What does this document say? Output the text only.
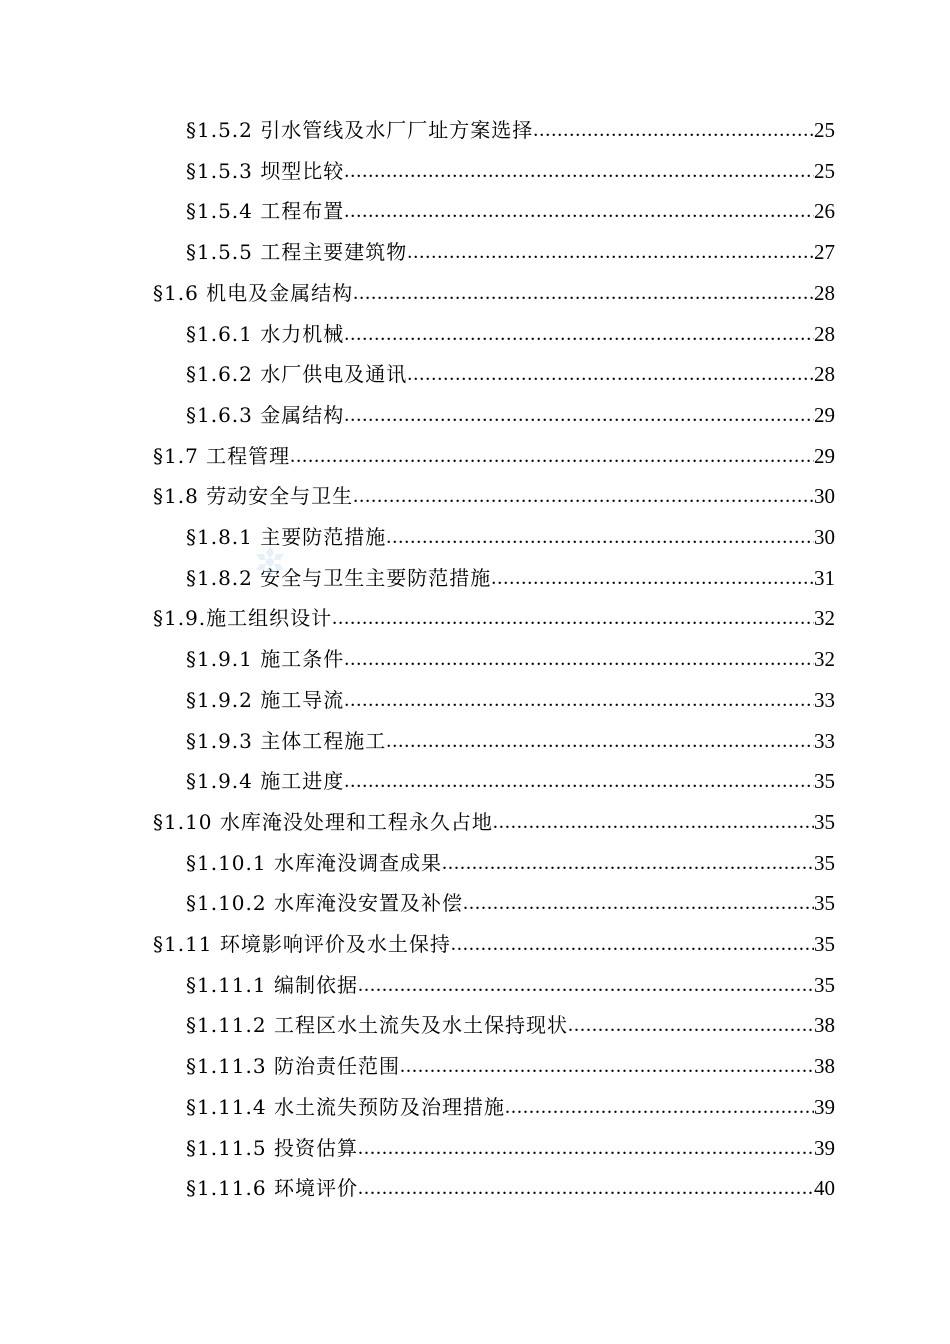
§1.5.2 引水管线及水厂厂址方案选择 .....	25
§1.5.3 坝型比较 .....	25
§1.5.4 工程布置 .....	26
§1.5.5 工程主要建筑物 .....	27
§1.6 机电及金属结构 .....	28
§1.6.1 水力机械 .....	28
§1.6.2 水厂供电及通讯 .....	28
§1.6.3 金属结构 .....	29
§1.7 工程管理 .....	29
§1.8 劳动安全与卫生 .....	30
§1.8.1 主要防范措施 .....	30
§1.8.2 安全与卫生主要防范措施 .....	31
§1.9.施工组织设计 .....	32
§1.9.1 施工条件 .....	32
§1.9.2 施工导流 .....	33
§1.9.3 主体工程施工 .....	33
§1.9.4 施工进度 .....	35
§1.10 水库淹没处理和工程永久占地 .....	35
§1.10.1 水库淹没调查成果 .....	35
§1.10.2 水库淹没安置及补偿 .....	35
§1.11 环境影响评价及水土保持 .....	35
§1.11.1 编制依据 .....	35
§1.11.2 工程区水土流失及水土保持现状 .....	38
§1.11.3 防治责任范围 .....	38
§1.11.4 水土流失预防及治理措施 .....	39
§1.11.5 投资估算 .....	39
§1.11.6 环境评价 .....	40
